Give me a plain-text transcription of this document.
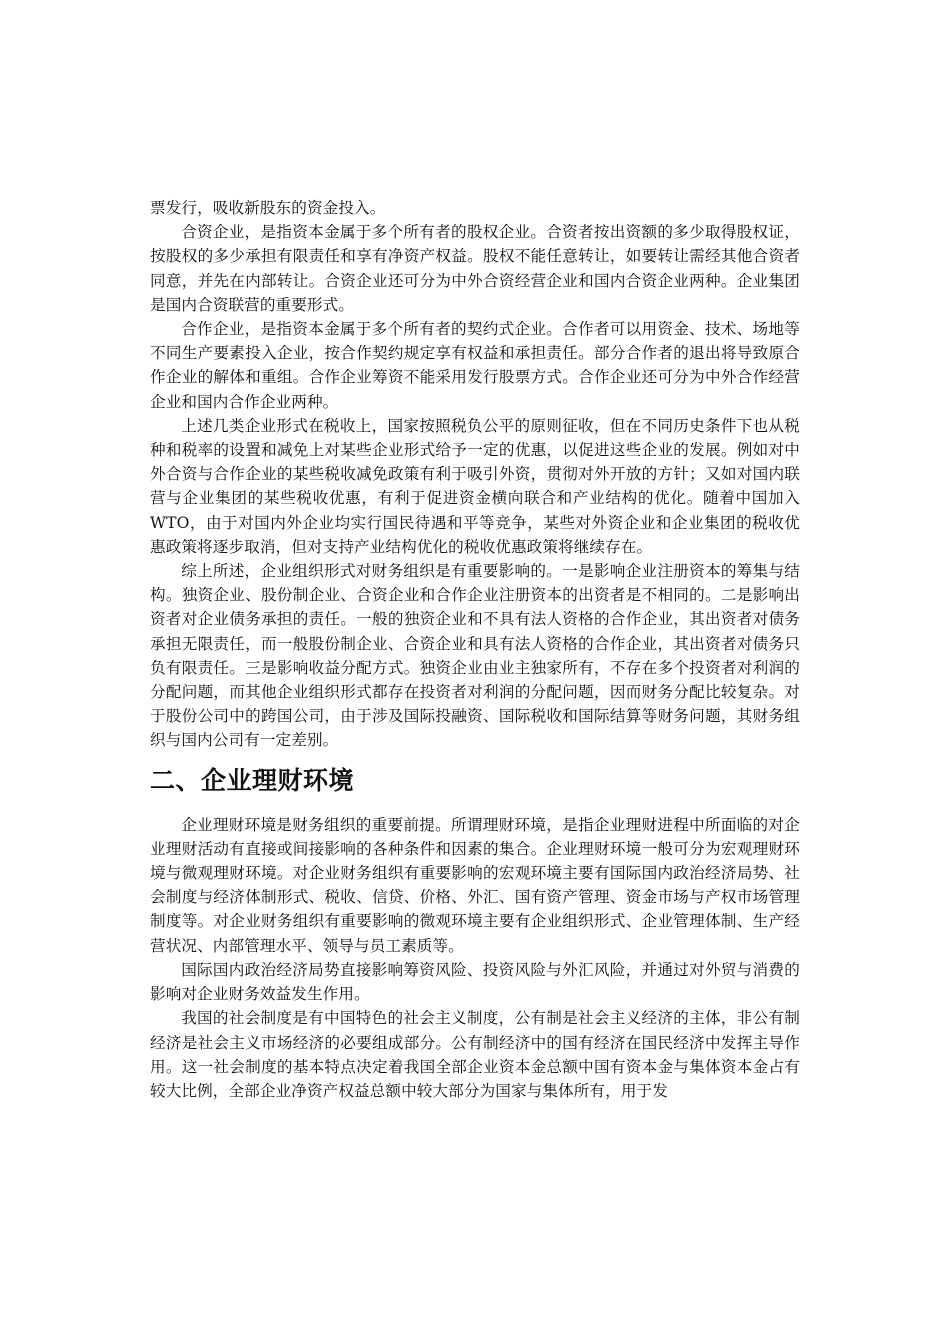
票发行，吸收新股东的资金投入。

合资企业，是指资本金属于多个所有者的股权企业。合资者按出资额的多少取得股权证，按股权的多少承担有限责任和享有净资产权益。股权不能任意转让，如要转让需经其他合资者同意，并先在内部转让。合资企业还可分为中外合资经营企业和国内合资企业两种。企业集团是国内合资联营的重要形式。

合作企业，是指资本金属于多个所有者的契约式企业。合作者可以用资金、技术、场地等不同生产要素投入企业，按合作契约规定享有权益和承担责任。部分合作者的退出将导致原合作企业的解体和重组。合作企业筹资不能采用发行股票方式。合作企业还可分为中外合作经营企业和国内合作企业两种。

上述几类企业形式在税收上，国家按照税负公平的原则征收，但在不同历史条件下也从税种和税率的设置和减免上对某些企业形式给予一定的优惠，以促进这些企业的发展。例如对中外合资与合作企业的某些税收减免政策有利于吸引外资，贯彻对外开放的方针；又如对国内联营与企业集团的某些税收优惠，有利于促进资金横向联合和产业结构的优化。随着中国加入WTO，由于对国内外企业均实行国民待遇和平等竞争，某些对外资企业和企业集团的税收优惠政策将逐步取消，但对支持产业结构优化的税收优惠政策将继续存在。

综上所述，企业组织形式对财务组织是有重要影响的。一是影响企业注册资本的筹集与结构。独资企业、股份制企业、合资企业和合作企业注册资本的出资者是不相同的。二是影响出资者对企业债务承担的责任。一般的独资企业和不具有法人资格的合作企业，其出资者对债务承担无限责任，而一般股份制企业、合资企业和具有法人资格的合作企业，其出资者对债务只负有限责任。三是影响收益分配方式。独资企业由业主独家所有，不存在多个投资者对利润的分配问题，而其他企业组织形式都存在投资者对利润的分配问题，因而财务分配比较复杂。对于股份公司中的跨国公司，由于涉及国际投融资、国际税收和国际结算等财务问题，其财务组织与国内公司有一定差别。

二、企业理财环境

企业理财环境是财务组织的重要前提。所谓理财环境，是指企业理财进程中所面临的对企业理财活动有直接或间接影响的各种条件和因素的集合。企业理财环境一般可分为宏观理财环境与微观理财环境。对企业财务组织有重要影响的宏观环境主要有国际国内政治经济局势、社会制度与经济体制形式、税收、信贷、价格、外汇、国有资产管理、资金市场与产权市场管理制度等。对企业财务组织有重要影响的微观环境主要有企业组织形式、企业管理体制、生产经营状况、内部管理水平、领导与员工素质等。

国际国内政治经济局势直接影响筹资风险、投资风险与外汇风险，并通过对外贸与消费的影响对企业财务效益发生作用。

我国的社会制度是有中国特色的社会主义制度，公有制是社会主义经济的主体，非公有制经济是社会主义市场经济的必要组成部分。公有制经济中的国有经济在国民经济中发挥主导作用。这一社会制度的基本特点决定着我国全部企业资本金总额中国有资本金与集体资本金占有较大比例，全部企业净资产权益总额中较大部分为国家与集体所有，用于发
